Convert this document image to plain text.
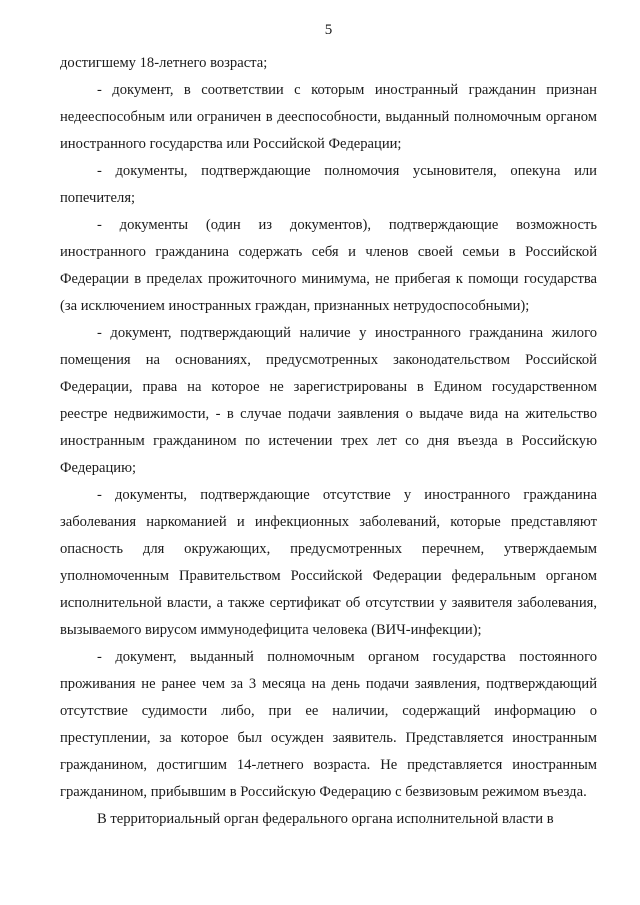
5

достигшему 18-летнего возраста;

- документ, в соответствии с которым иностранный гражданин признан недееспособным или ограничен в дееспособности, выданный полномочным органом иностранного государства или Российской Федерации;

- документы, подтверждающие полномочия усыновителя, опекуна или попечителя;

- документы (один из документов), подтверждающие возможность иностранного гражданина содержать себя и членов своей семьи в Российской Федерации в пределах прожиточного минимума, не прибегая к помощи государства (за исключением иностранных граждан, признанных нетрудоспособными);

- документ, подтверждающий наличие у иностранного гражданина жилого помещения на основаниях, предусмотренных законодательством Российской Федерации, права на которое не зарегистрированы в Едином государственном реестре недвижимости, - в случае подачи заявления о выдаче вида на жительство иностранным гражданином по истечении трех лет со дня въезда в Российскую Федерацию;

- документы, подтверждающие отсутствие у иностранного гражданина заболевания наркоманией и инфекционных заболеваний, которые представляют опасность для окружающих, предусмотренных перечнем, утверждаемым уполномоченным Правительством Российской Федерации федеральным органом исполнительной власти, а также сертификат об отсутствии у заявителя заболевания, вызываемого вирусом иммунодефицита человека (ВИЧ-инфекции);

- документ, выданный полномочным органом государства постоянного проживания не ранее чем за 3 месяца на день подачи заявления, подтверждающий отсутствие судимости либо, при ее наличии, содержащий информацию о преступлении, за которое был осужден заявитель. Представляется иностранным гражданином, достигшим 14-летнего возраста. Не представляется иностранным гражданином, прибывшим в Российскую Федерацию с безвизовым режимом въезда.

В территориальный орган федерального органа исполнительной власти в
